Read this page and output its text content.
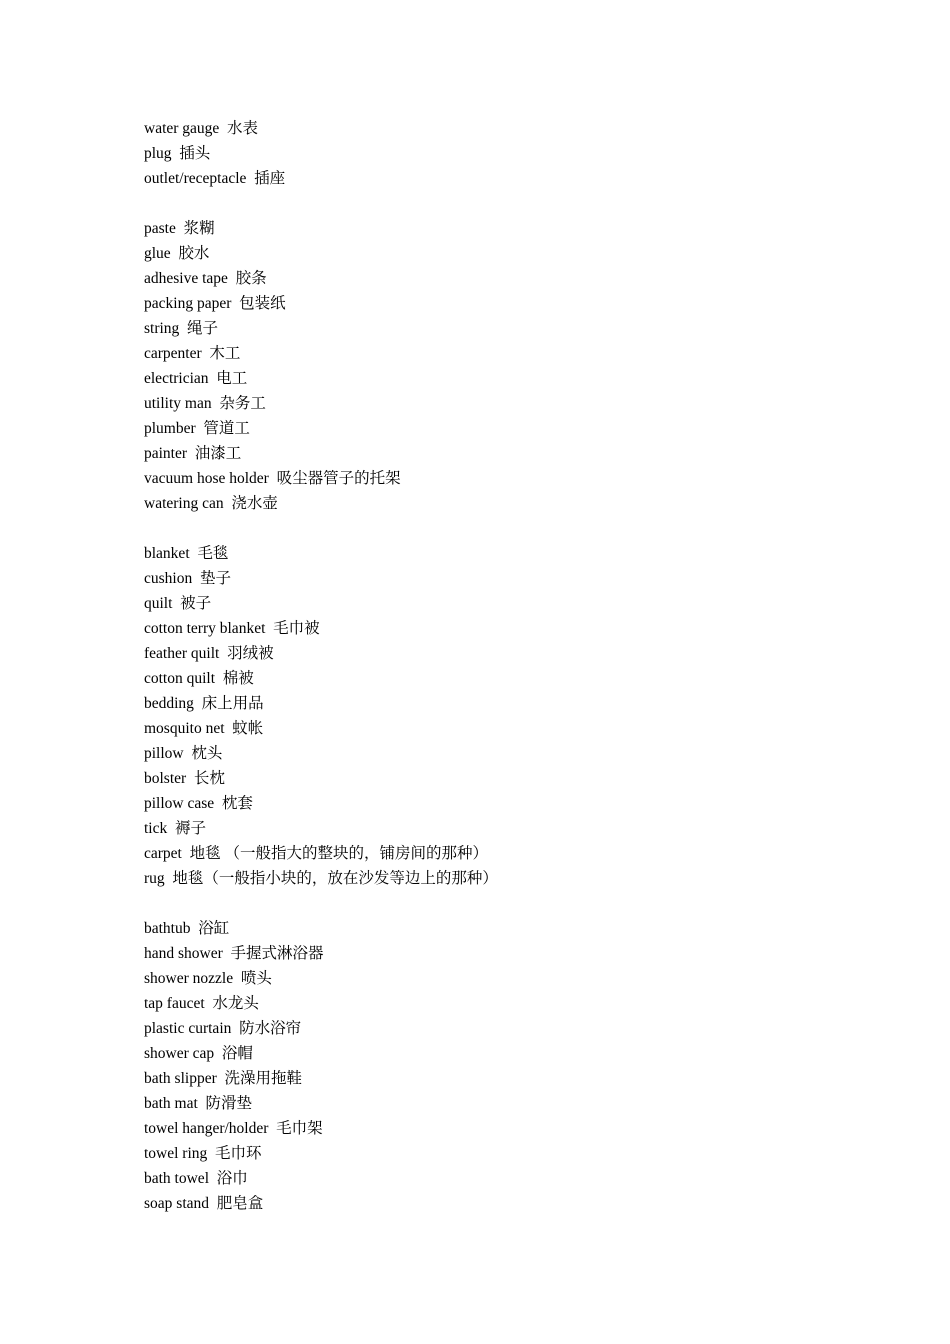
water gauge  水表
plug  插头
outlet/receptacle  插座
paste  浆糊
glue  胶水
adhesive tape  胶条
packing paper  包装纸
string  绳子
carpenter  木工
electrician  电工
utility man  杂务工
plumber  管道工
painter  油漆工
vacuum hose holder  吸尘器管子的托架
watering can  浇水壶
blanket  毛毯
cushion  垫子
quilt  被子
cotton terry blanket  毛巾被
feather quilt  羽绒被
cotton quilt  棉被
bedding  床上用品
mosquito net  蚊帐
pillow  枕头
bolster  长枕
pillow case  枕套
tick  褥子
carpet  地毯 （一般指大的整块的，铺房间的那种）
rug  地毯（一般指小块的，放在沙发等边上的那种）
bathtub  浴缸
hand shower  手握式淋浴器
shower nozzle  喷头
tap faucet  水龙头
plastic curtain  防水浴帘
shower cap  浴帽
bath slipper  洗澡用拖鞋
bath mat  防滑垫
towel hanger/holder  毛巾架
towel ring  毛巾环
bath towel  浴巾
soap stand  肥皂盒
